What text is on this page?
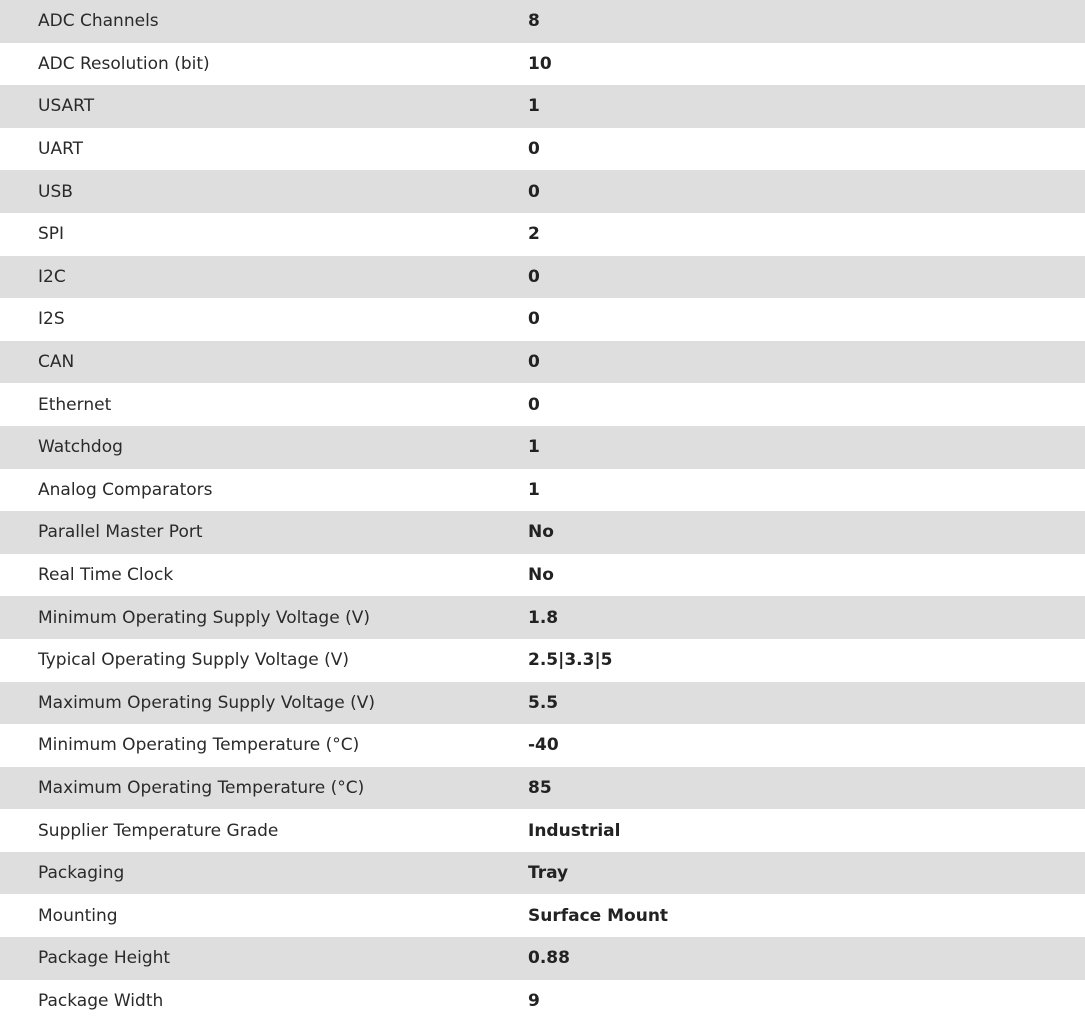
ADC Channels	8
ADC Resolution (bit)	10
USART	1
UART	0
USB	0
SPI	2
I2C	0
I2S	0
CAN	0
Ethernet	0
Watchdog	1
Analog Comparators	1
Parallel Master Port	No
Real Time Clock	No
Minimum Operating Supply Voltage (V)	1.8
Typical Operating Supply Voltage (V)	2.5|3.3|5
Maximum Operating Supply Voltage (V)	5.5
Minimum Operating Temperature (°C)	-40
Maximum Operating Temperature (°C)	85
Supplier Temperature Grade	Industrial
Packaging	Tray
Mounting	Surface Mount
Package Height	0.88
Package Width	9
